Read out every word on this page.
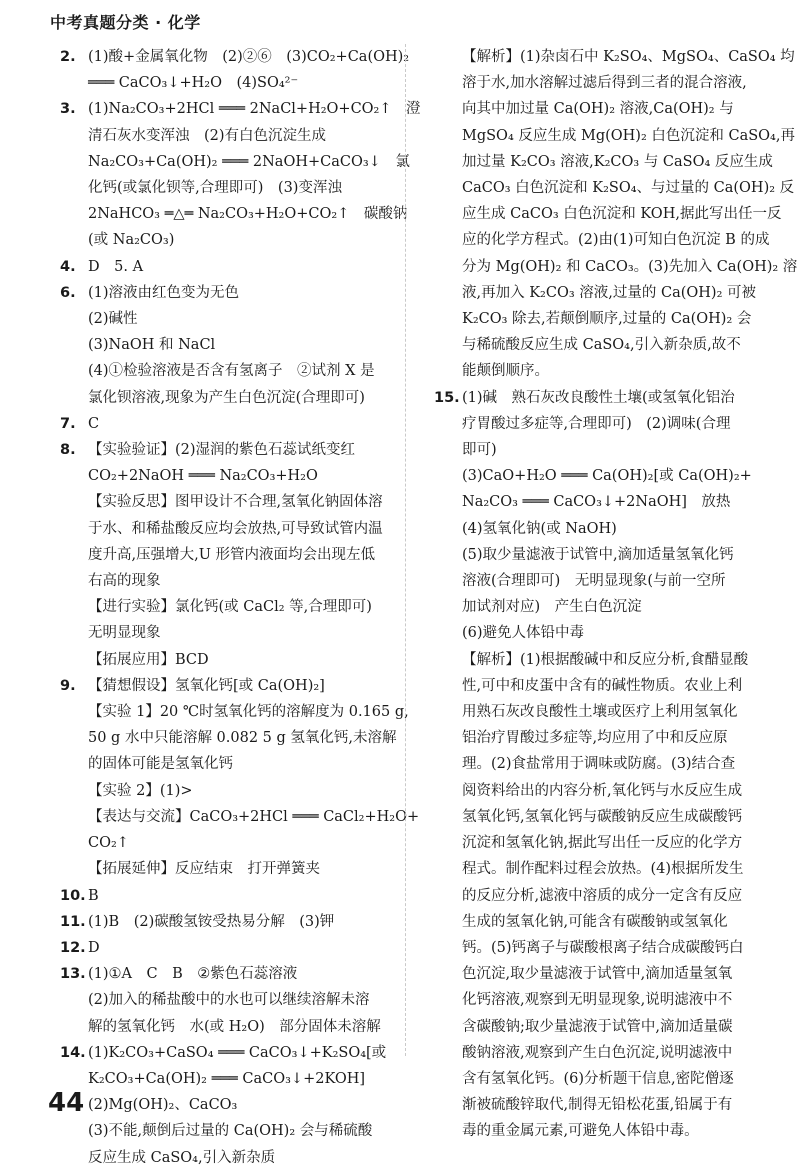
中考真题分类 · 化学
2. (1)酸+金属氧化物　(2)②⑥　(3)CO₂+Ca(OH)₂
═══ CaCO₃↓+H₂O　(4)SO₄²⁻
3. (1)Na₂CO₃+2HCl ═══ 2NaCl+H₂O+CO₂↑　澄
清石灰水变浑浊　(2)有白色沉淀生成
Na₂CO₃+Ca(OH)₂ ═══ 2NaOH+CaCO₃↓　氯
化钙(或氯化钡等,合理即可)　(3)变浑浊
2NaHCO₃ ═△═ Na₂CO₃+H₂O+CO₂↑　碳酸钠
(或 Na₂CO₃)
4. D　5. A
6. (1)溶液由红色变为无色
(2)碱性
(3)NaOH 和 NaCl
(4)①检验溶液是否含有氢离子　②试剂 X 是
氯化钡溶液,现象为产生白色沉淀(合理即可)
7. C
8. 【实验验证】(2)湿润的紫色石蕊试纸变红
CO₂+2NaOH ═══ Na₂CO₃+H₂O
【实验反思】图甲设计不合理,氢氧化钠固体溶
于水、和稀盐酸反应均会放热,可导致试管内温
度升高,压强增大,U 形管内液面均会出现左低
右高的现象
【进行实验】氯化钙(或 CaCl₂ 等,合理即可)
无明显现象
【拓展应用】BCD
9. 【猜想假设】氢氧化钙[或 Ca(OH)₂]
【实验 1】20 ℃时氢氧化钙的溶解度为 0.165 g,
50 g 水中只能溶解 0.082 5 g 氢氧化钙,未溶解
的固体可能是氢氧化钙
【实验 2】(1)>
【表达与交流】CaCO₃+2HCl ═══ CaCl₂+H₂O+
CO₂↑
【拓展延伸】反应结束　打开弹簧夹
10. B
11. (1)B　(2)碳酸氢铵受热易分解　(3)钾
12. D
13. (1)①A　C　B　②紫色石蕊溶液
(2)加入的稀盐酸中的水也可以继续溶解未溶
解的氢氧化钙　水(或 H₂O)　部分固体未溶解
14. (1)K₂CO₃+CaSO₄ ═══ CaCO₃↓+K₂SO₄[或
K₂CO₃+Ca(OH)₂ ═══ CaCO₃↓+2KOH]
(2)Mg(OH)₂、CaCO₃
(3)不能,颠倒后过量的 Ca(OH)₂ 会与稀硫酸
反应生成 CaSO₄,引入新杂质
【解析】(1)杂卤石中 K₂SO₄、MgSO₄、CaSO₄ 均
溶于水,加水溶解过滤后得到三者的混合溶液,
向其中加过量 Ca(OH)₂ 溶液,Ca(OH)₂ 与
MgSO₄ 反应生成 Mg(OH)₂ 白色沉淀和 CaSO₄,再
加过量 K₂CO₃ 溶液,K₂CO₃ 与 CaSO₄ 反应生成
CaCO₃ 白色沉淀和 K₂SO₄、与过量的 Ca(OH)₂ 反
应生成 CaCO₃ 白色沉淀和 KOH,据此写出任一反
应的化学方程式。(2)由(1)可知白色沉淀 B 的成
分为 Mg(OH)₂ 和 CaCO₃。(3)先加入 Ca(OH)₂ 溶
液,再加入 K₂CO₃ 溶液,过量的 Ca(OH)₂ 可被
K₂CO₃ 除去,若颠倒顺序,过量的 Ca(OH)₂ 会
与稀硫酸反应生成 CaSO₄,引入新杂质,故不
能颠倒顺序。
15. (1)碱　熟石灰改良酸性土壤(或氢氧化铝治
疗胃酸过多症等,合理即可)　(2)调味(合理
即可)
(3)CaO+H₂O ═══ Ca(OH)₂[或 Ca(OH)₂+
Na₂CO₃ ═══ CaCO₃↓+2NaOH]　放热
(4)氢氧化钠(或 NaOH)
(5)取少量滤液于试管中,滴加适量氢氧化钙
溶液(合理即可)　无明显现象(与前一空所
加试剂对应)　产生白色沉淀
(6)避免人体铅中毒
【解析】(1)根据酸碱中和反应分析,食醋显酸
性,可中和皮蛋中含有的碱性物质。农业上利
用熟石灰改良酸性土壤或医疗上利用氢氧化
铝治疗胃酸过多症等,均应用了中和反应原
理。(2)食盐常用于调味或防腐。(3)结合查
阅资料给出的内容分析,氧化钙与水反应生成
氢氧化钙,氢氧化钙与碳酸钠反应生成碳酸钙
沉淀和氢氧化钠,据此写出任一反应的化学方
程式。制作配料过程会放热。(4)根据所发生
的反应分析,滤液中溶质的成分一定含有反应
生成的氢氧化钠,可能含有碳酸钠或氢氧化
钙。(5)钙离子与碳酸根离子结合成碳酸钙白
色沉淀,取少量滤液于试管中,滴加适量氢氧
化钙溶液,观察到无明显现象,说明滤液中不
含碳酸钠;取少量滤液于试管中,滴加适量碳
酸钠溶液,观察到产生白色沉淀,说明滤液中
含有氢氧化钙。(6)分析题干信息,密陀僧逐
渐被硫酸锌取代,制得无铅松花蛋,铅属于有
毒的重金属元素,可避免人体铅中毒。
44
